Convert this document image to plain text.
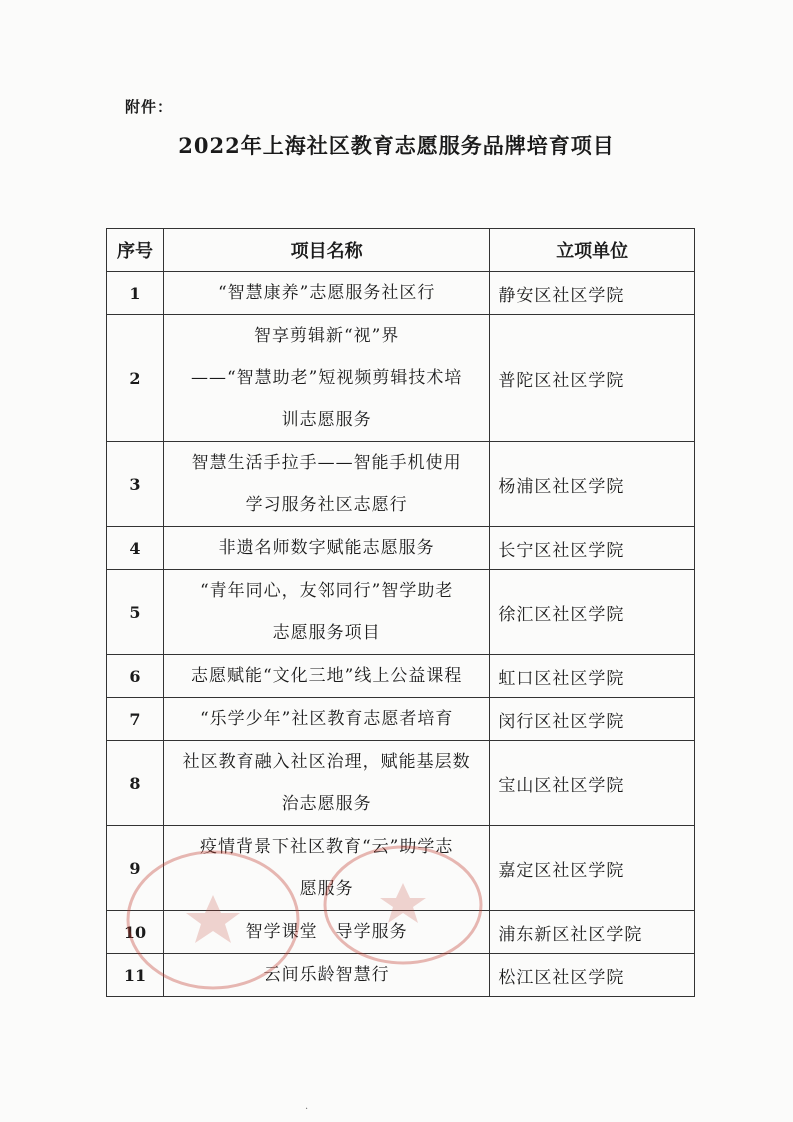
附件：
2022年上海社区教育志愿服务品牌培育项目
序号	项目名称	立项单位
1	“智慧康养”志愿服务社区行	静安区社区学院
2	智享剪辑新“视”界
——“智慧助老”短视频剪辑技术培
训志愿服务	普陀区社区学院
3	智慧生活手拉手——智能手机使用
学习服务社区志愿行	杨浦区社区学院
4	非遗名师数字赋能志愿服务	长宁区社区学院
5	“青年同心，友邻同行”智学助老
志愿服务项目	徐汇区社区学院
6	志愿赋能“文化三地”线上公益课程	虹口区社区学院
7	“乐学少年”社区教育志愿者培育	闵行区社区学院
8	社区教育融入社区治理，赋能基层数
治志愿服务	宝山区社区学院
9	疫情背景下社区教育“云”助学志
愿服务	嘉定区社区学院
10	智学课堂　导学服务	浦东新区社区学院
11	云间乐龄智慧行	松江区社区学院
·
